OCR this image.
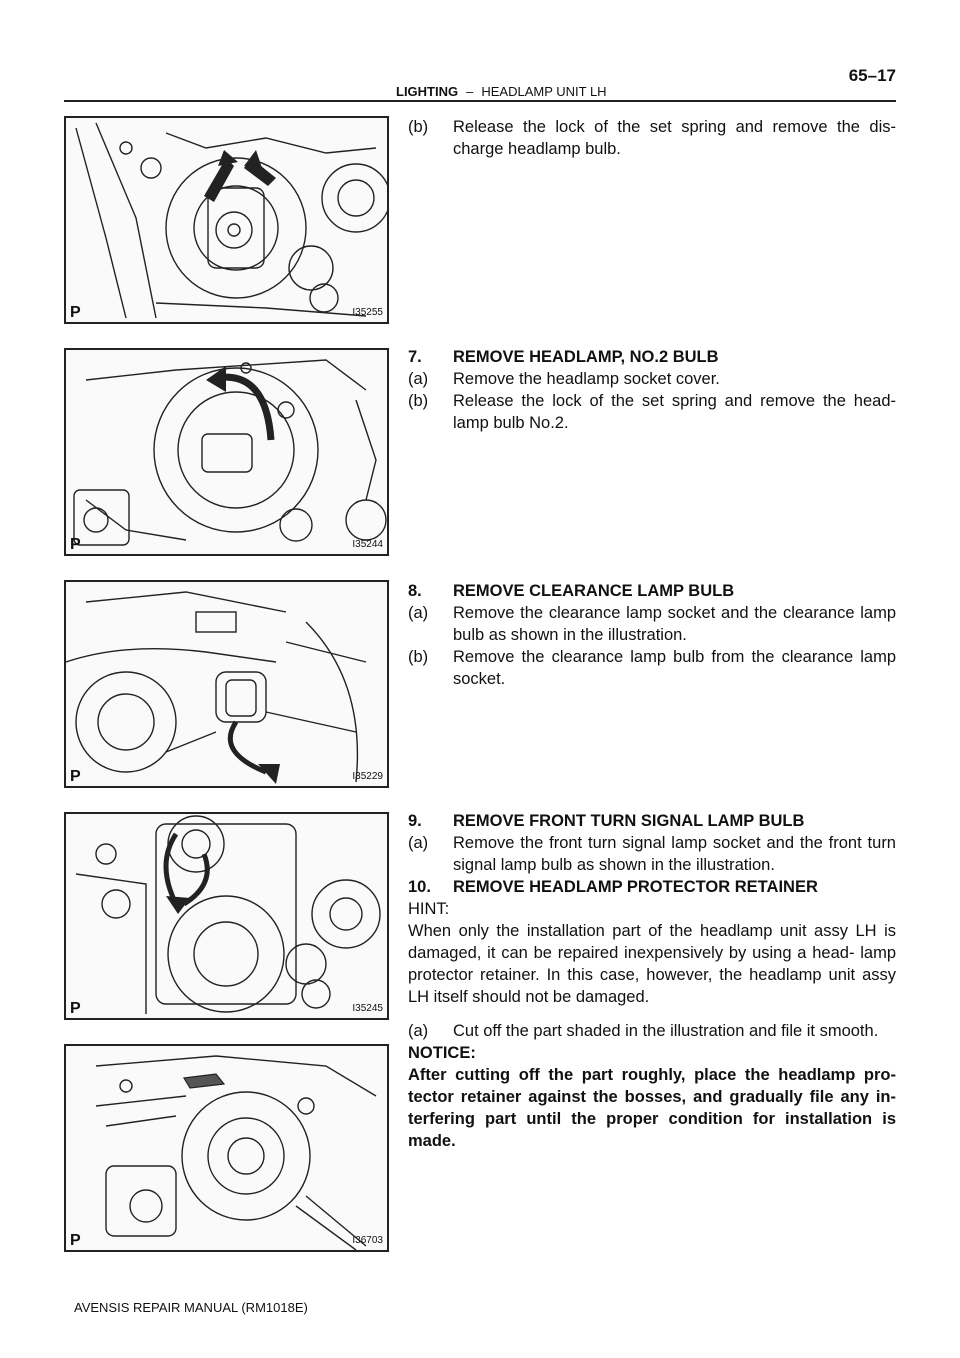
65–17
LIGHTING – HEADLAMP UNIT LH
P	I35255
P	I35244
P	I35229
P	I35245
P	I36703
(b) Release the lock of the set spring and remove the dis- charge headlamp bulb.
7. REMOVE HEADLAMP, NO.2 BULB
(a) Remove the headlamp socket cover.
(b) Release the lock of the set spring and remove the head- lamp bulb No.2.
8. REMOVE CLEARANCE LAMP BULB
(a) Remove the clearance lamp socket and the clearance lamp bulb as shown in the illustration.
(b) Remove the clearance lamp bulb from the clearance lamp socket.
9. REMOVE FRONT TURN SIGNAL LAMP BULB
(a) Remove the front turn signal lamp socket and the front turn signal lamp bulb as shown in the illustration.
10. REMOVE HEADLAMP PROTECTOR RETAINER
HINT:
When only the installation part of the headlamp unit assy LH is damaged, it can be repaired inexpensively by using a head- lamp protector retainer. In this case, however, the headlamp unit assy LH itself should not be damaged.
(a) Cut off the part shaded in the illustration and file it smooth.
NOTICE:
After cutting off the part roughly, place the headlamp pro- tector retainer against the bosses, and gradually file any in- terfering part until the proper condition for installation is made.
AVENSIS REPAIR MANUAL (RM1018E)
